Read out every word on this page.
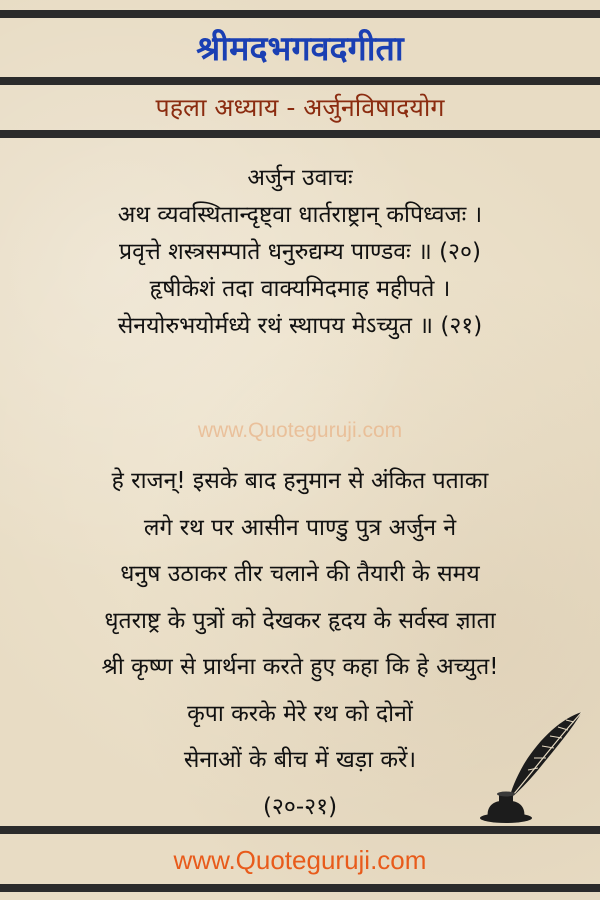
श्रीमदभगवदगीता
पहला अध्याय - अर्जुनविषादयोग
अर्जुन उवाचः
अथ व्यवस्थितान्दृष्ट्वा धार्तराष्ट्रान् कपिध्वजः ।
प्रवृत्ते शस्त्रसम्पाते धनुरुद्यम्य पाण्डवः ॥ (२०)
हृषीकेशं तदा वाक्यमिदमाह महीपते ।
सेनयोरुभयोर्मध्ये रथं स्थापय मेऽच्युत ॥ (२१)
www.Quoteguruji.com
हे राजन्! इसके बाद हनुमान से अंकित पताका
लगे रथ पर आसीन पाण्डु पुत्र अर्जुन ने
धनुष उठाकर तीर चलाने की तैयारी के समय
धृतराष्ट्र के पुत्रों को देखकर हृदय के सर्वस्व ज्ञाता
श्री कृष्ण से प्रार्थना करते हुए कहा कि हे अच्युत!
कृपा करके मेरे रथ को दोनों
सेनाओं के बीच में खड़ा करें।
(२०-२१)
www.Quoteguruji.com
